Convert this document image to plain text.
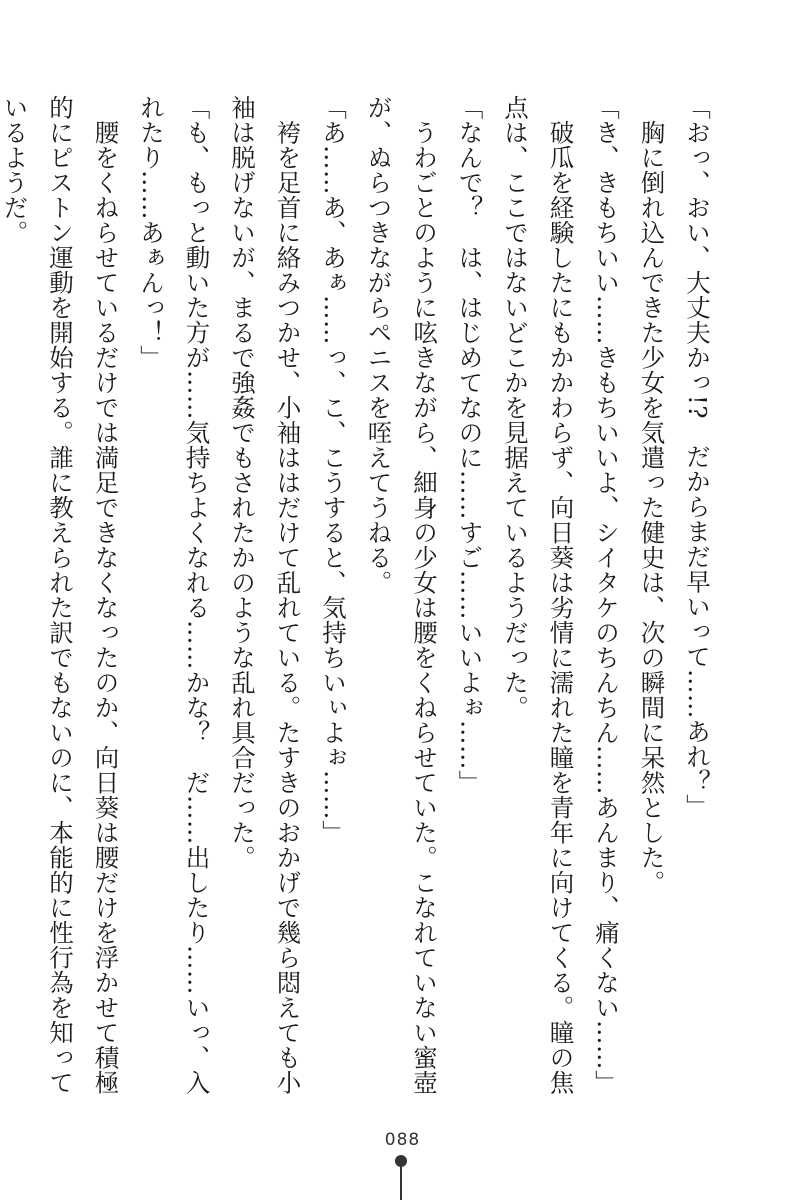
「おっ、おい、大丈夫かっ!?　だからまだ早いって……あれ？」

　胸に倒れ込んできた少女を気遣った健史は、次の瞬間に呆然とした。

「き、きもちいい……きもちいいよ、シイタケのちんちん……あんまり、痛くない……」

　破瓜を経験したにもかかわらず、向日葵は劣情に濡れた瞳を青年に向けてくる。瞳の焦点は、ここではないどこかを見据えているようだった。

「なんで？　は、はじめてなのに……すご……いいよぉ……」

　うわごとのように呟きながら、細身の少女は腰をくねらせていた。こなれていない蜜壺が、ぬらつきながらペニスを咥えてうねる。

「あ……あ、あぁ……っ、こ、こうすると、気持ちいぃよぉ……」

　袴を足首に絡みつかせ、小袖ははだけて乱れている。たすきのおかげで幾ら悶えても小袖は脱げないが、まるで強姦でもされたかのような乱れ具合だった。

「も、もっと動いた方が……気持ちよくなれる……かな？　だ……出したり……いっ、入れたり……あぁんっ！」

　腰をくねらせているだけでは満足できなくなったのか、向日葵は腰だけを浮かせて積極的にピストン運動を開始する。誰に教えられた訳でもないのに、本能的に性行為を知っているようだ。

088
